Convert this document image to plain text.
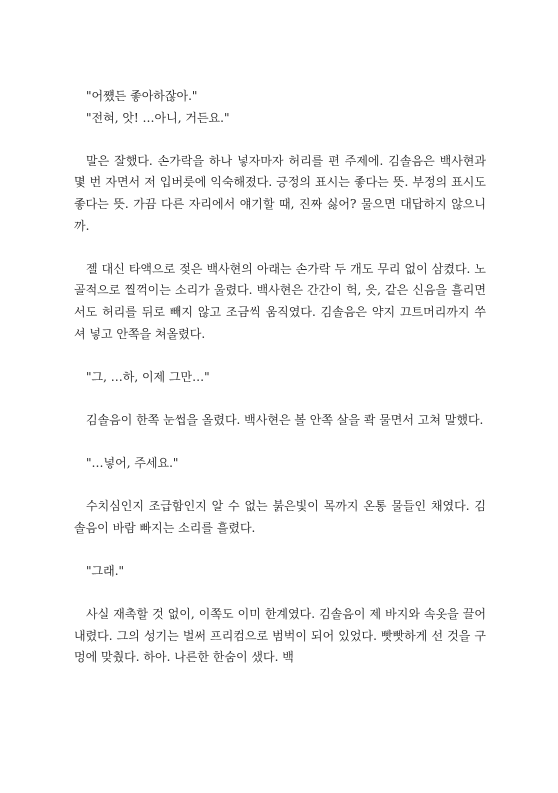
"어쩄든 좋아하잖아."

"전혀, 앗! …아니, 거든요."

말은 잘했다. 손가락을 하나 넣자마자 허리를 편 주제에. 김솔음은 백사현과 몇 번 자면서 저 입버릇에 익숙해졌다. 긍정의 표시는 좋다는 뜻. 부정의 표시도 좋다는 뜻. 가끔 다른 자리에서 얘기할 때, 진짜 싫어? 물으면 대답하지 않으니까.

젤 대신 타액으로 젖은 백사현의 아래는 손가락 두 개도 무리 없이 삼켰다. 노골적으로 찔꺽이는 소리가 울렸다. 백사현은 간간이 헉, 읏, 같은 신음을 흘리면서도 허리를 뒤로 빼지 않고 조금씩 움직였다. 김솔음은 약지 끄트머리까지 쑤셔 넣고 안쪽을 쳐올렸다.

"그, …하, 이제 그만…"

김솔음이 한쪽 눈썹을 올렸다. 백사현은 볼 안쪽 살을 콱 물면서 고쳐 말했다.

"…넣어, 주세요."

수치심인지 조급함인지 알 수 없는 붉은빛이 목까지 온통 물들인 채였다. 김솔음이 바람 빠지는 소리를 흘렸다.

"그래."

사실 재촉할 것 없이, 이쪽도 이미 한계였다. 김솔음이 제 바지와 속옷을 끌어내렸다. 그의 성기는 벌써 프리컴으로 범벅이 되어 있었다. 빳빳하게 선 것을 구멍에 맞췄다. 하아. 나른한 한숨이 샜다. 백
